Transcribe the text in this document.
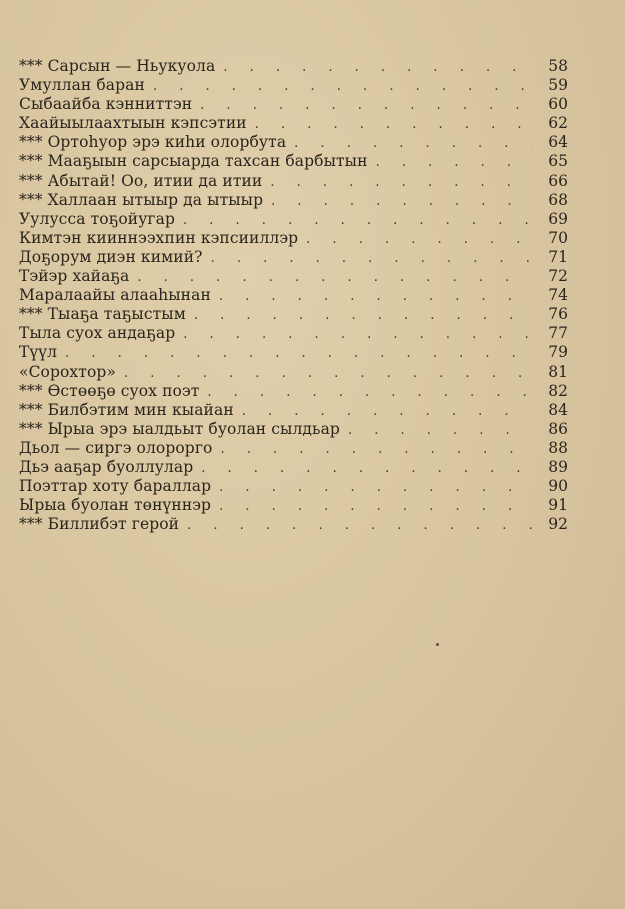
*** Сарсын — Ньукуола . . .	58
Умуллан баран . . .	59
Сыбаайба кэнниттэн . . .	60
Хаайыылаахтыын кэпсэтии . . .	62
*** Ортоһуор эрэ киһи олорбута . . .	64
*** Мааҕыын сарсыарда тахсан барбытын . . .	65
*** Абытай! Оо, итии да итии . . .	66
*** Халлаан ытыыр да ытыыр . . .	68
Уулусса тоҕойугар . . .	69
Кимтэн кииннээхпин кэпсииллэр . . .	70
Доҕорум диэн кимий? . . .	71
Тэйэр хайаҕа . . .	72
Маралаайы алааһынан . . .	74
*** Тыаҕа таҕыстым . . .	76
Тыла суох андаҕар . . .	77
Түүл . . .	79
«Сорохтор» . . .	81
*** Өстөөҕө суох поэт . . .	82
*** Билбэтим мин кыайан . . .	84
*** Ырыа эрэ ыалдьыт буолан сылдьар . . .	86
Дьол — сиргэ олороргo . . .	88
Дьэ ааҕар буоллулар . . .	89
Поэттар хоту бараллар . . .	90
Ырыа буолан төнүннэр . . .	91
*** Биллибэт герой . . .	92
